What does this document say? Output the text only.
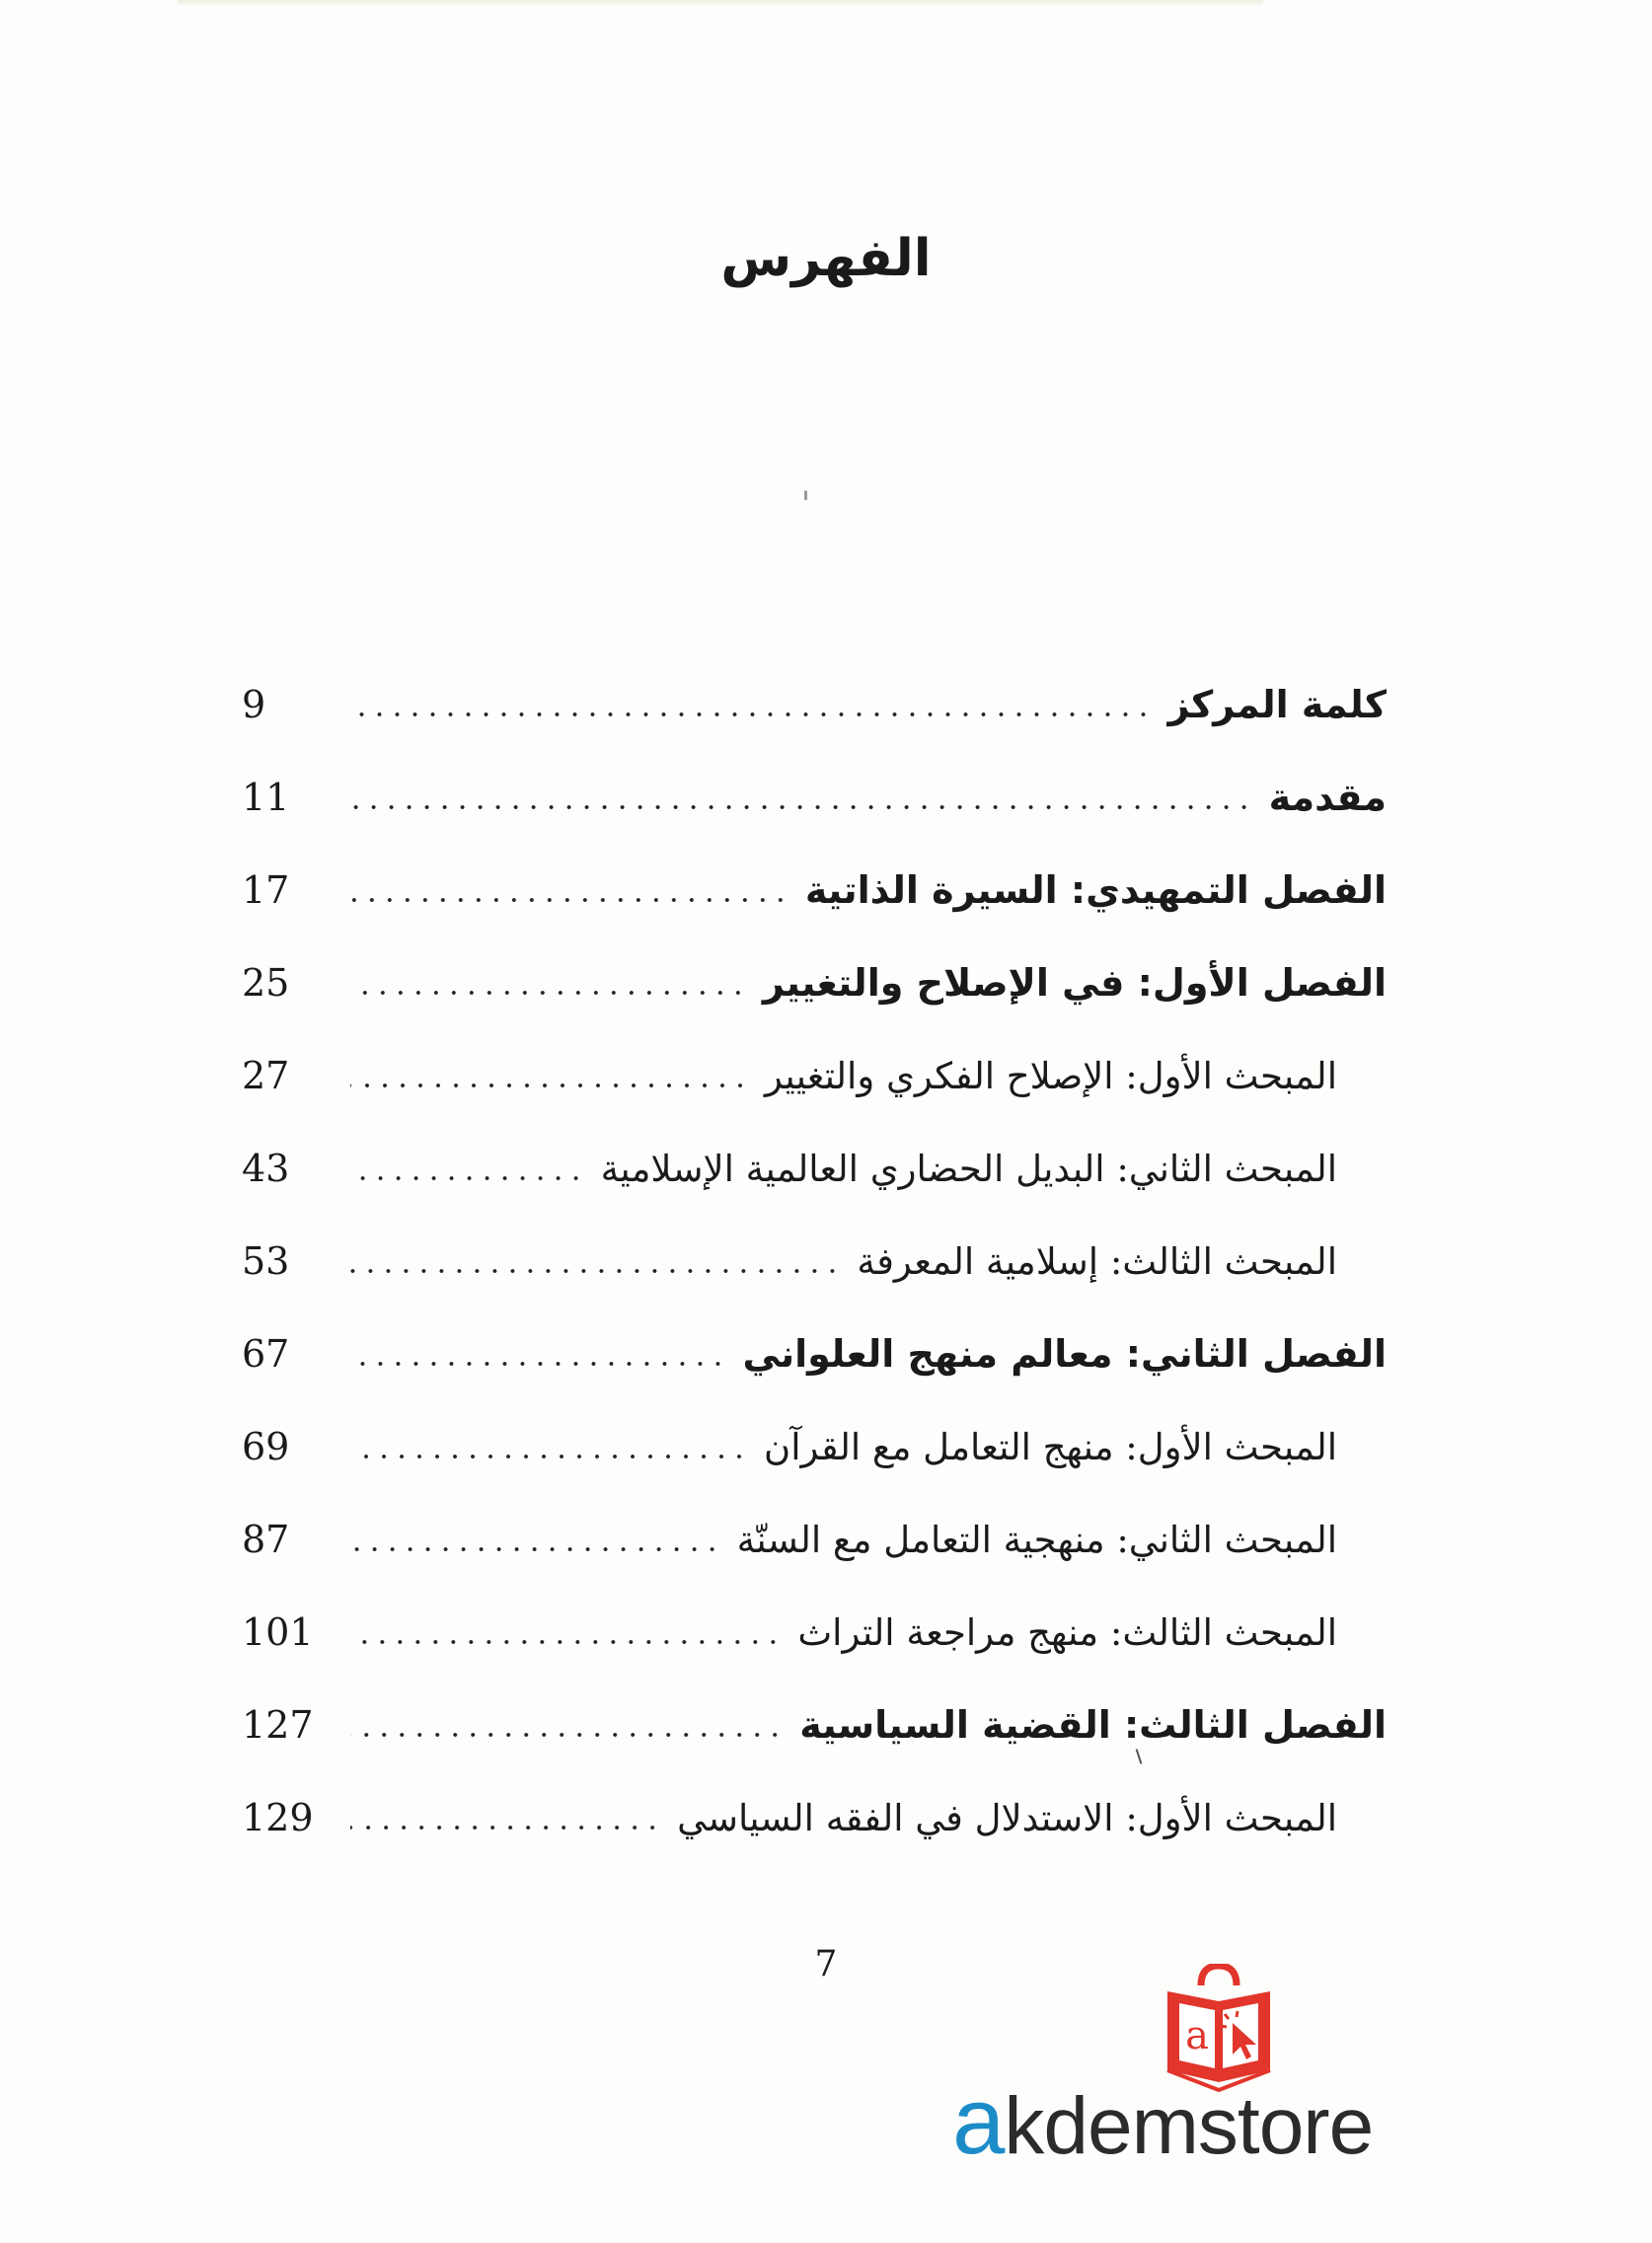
الفهرس
كلمة المركز
9
مقدمة
11
الفصل التمهيدي: السيرة الذاتية
17
الفصل الأول: في الإصلاح والتغيير
25
المبحث الأول: الإصلاح الفكري والتغيير
27
المبحث الثاني: البديل الحضاري العالمية الإسلامية
43
المبحث الثالث: إسلامية المعرفة
53
الفصل الثاني: معالم منهج العلواني
67
المبحث الأول: منهج التعامل مع القرآن
69
المبحث الثاني: منهجية التعامل مع السنّة
87
المبحث الثالث: منهج مراجعة التراث
101
الفصل الثالث: القضية السياسية
127
المبحث الأول: الاستدلال في الفقه السياسي
129
7
a
akdemstore
